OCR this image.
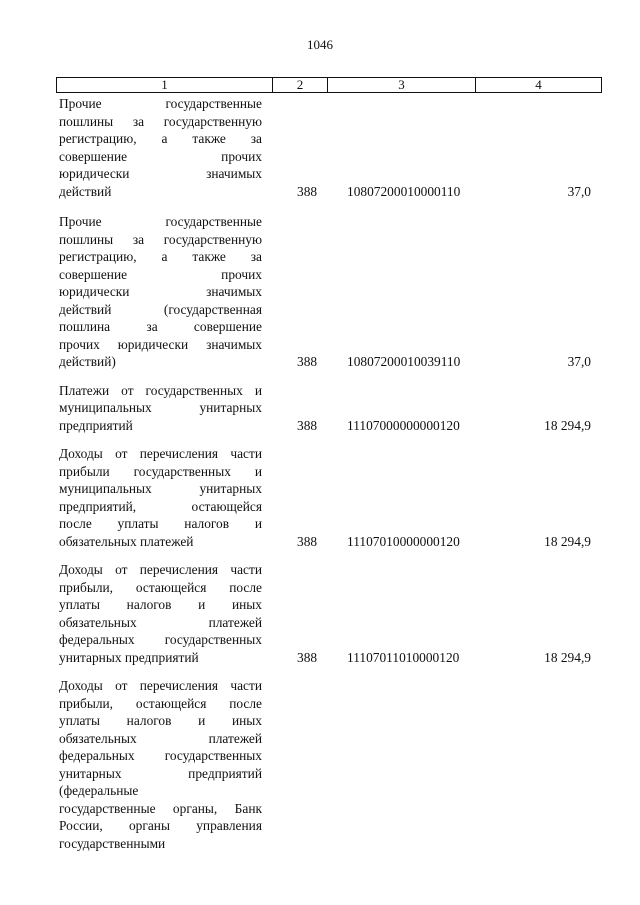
1046
1	2	3	4
Прочие государственные
пошлины за государственную
регистрацию, а также за
совершение прочих
юридически значимых
действий	388 10807200010000110	37,0
Прочие государственные
пошлины за государственную
регистрацию, а также за
совершение прочих
юридически значимых
действий (государственная
пошлина за совершение
прочих юридически значимых
действий)	388 10807200010039110	37,0
Платежи от государственных и
муниципальных унитарных
предприятий	388 11107000000000120	18 294,9
Доходы от перечисления части
прибыли государственных и
муниципальных унитарных
предприятий, остающейся
после уплаты налогов и
обязательных платежей	388 11107010000000120	18 294,9
Доходы от перечисления части
прибыли, остающейся после
уплаты налогов и иных
обязательных платежей
федеральных государственных
унитарных предприятий	388 11107011010000120	18 294,9
Доходы от перечисления части
прибыли, остающейся после
уплаты налогов и иных
обязательных платежей
федеральных государственных
унитарных предприятий
(федеральные
государственные органы, Банк
России, органы управления
государственными
